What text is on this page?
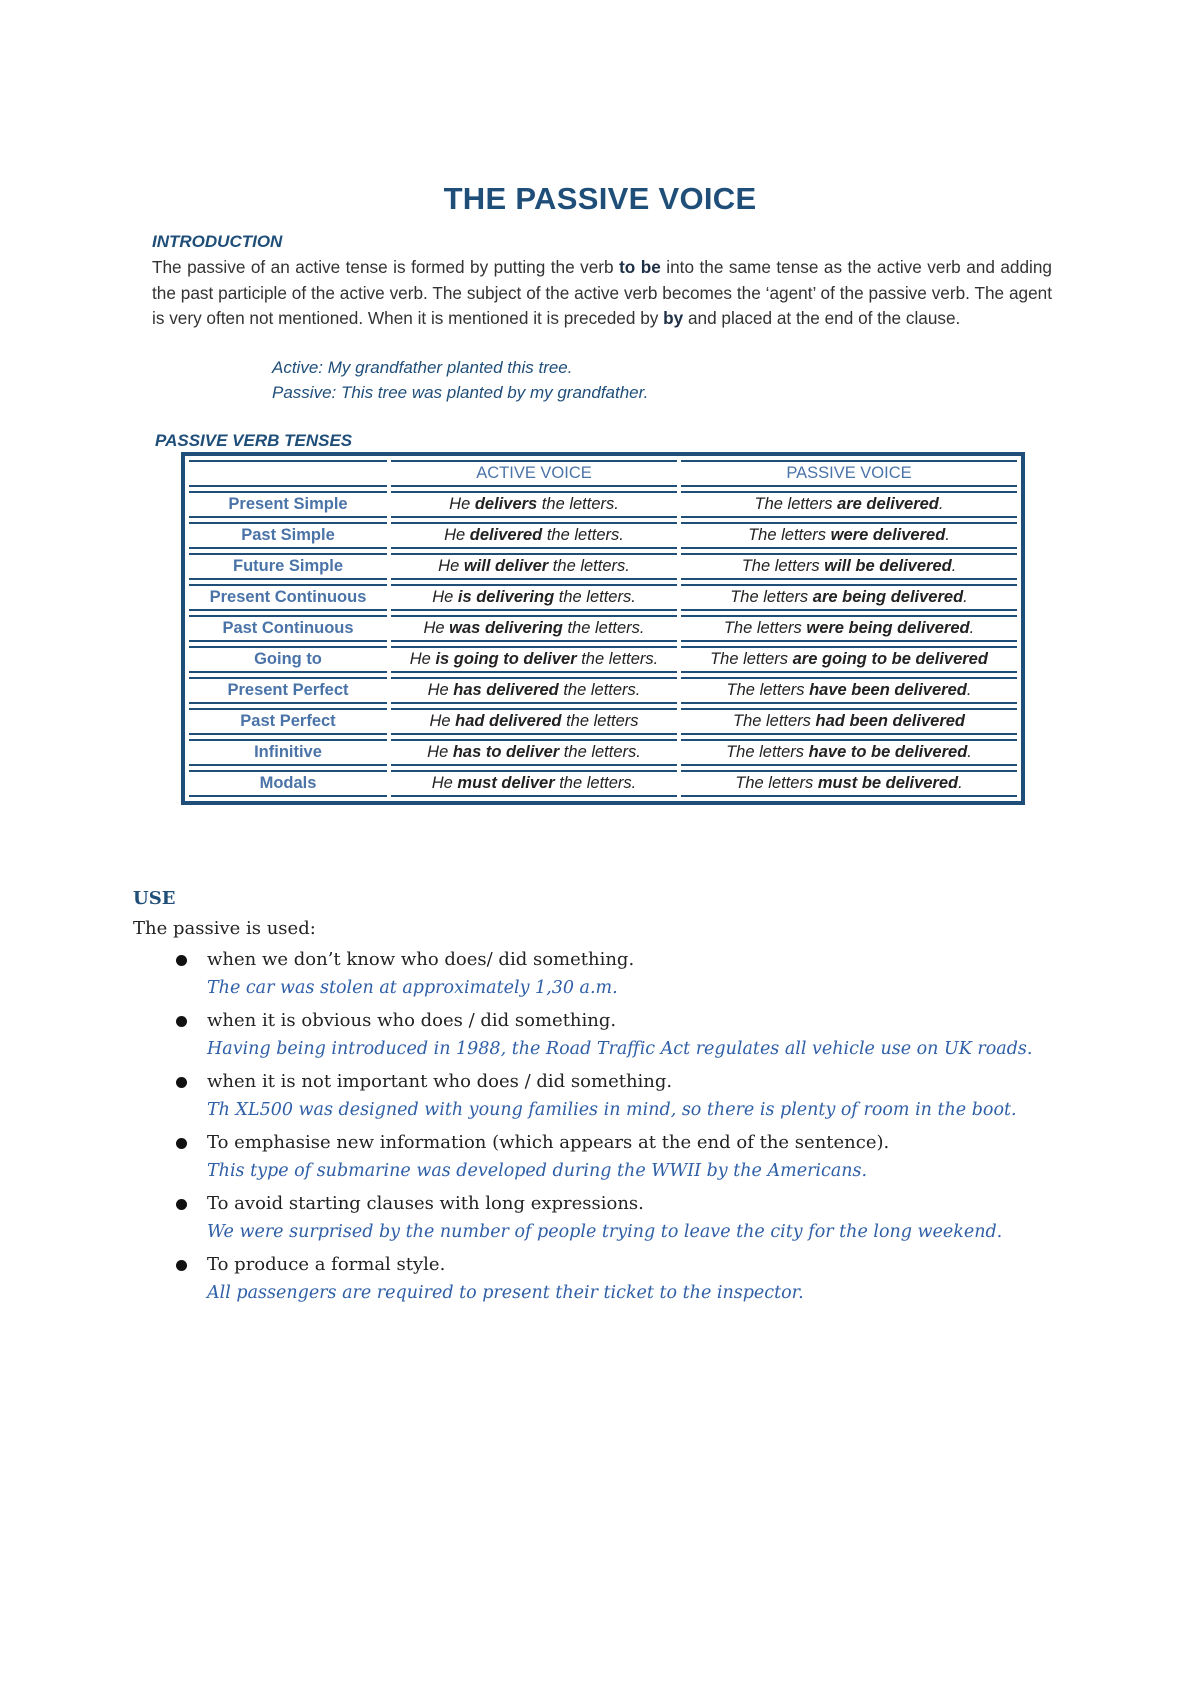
THE PASSIVE VOICE
INTRODUCTION

The passive of an active tense is formed by putting the verb to be into the same tense as the active verb and adding the past participle of the active verb. The subject of the active verb becomes the ‘agent’ of the passive verb. The agent is very often not mentioned. When it is mentioned it is preceded by by and placed at the end of the clause.

Active: My grandfather planted this tree.
Passive: This tree was planted by my grandfather.
PASSIVE VERB TENSES
	ACTIVE VOICE	PASSIVE VOICE
Present Simple	He delivers the letters.	The letters are delivered.
Past Simple	He delivered the letters.	The letters were delivered.
Future Simple	He will deliver the letters.	The letters will be delivered.
Present Continuous	He is delivering the letters.	The letters are being delivered.
Past Continuous	He was delivering the letters.	The letters were being delivered.
Going to	He is going to deliver the letters.	The letters are going to be delivered
Present Perfect	He has delivered the letters.	The letters have been delivered.
Past Perfect	He had delivered the letters	The letters had been delivered
Infinitive	He has to deliver the letters.	The letters have to be delivered.
Modals	He must deliver the letters.	The letters must be delivered.
USE
The passive is used:
when we don’t know who does/ did something.
The car was stolen at approximately 1,30 a.m.
when it is obvious who does / did something.
Having being introduced in 1988, the Road Traffic Act regulates all vehicle use on UK roads.
when it is not important who does / did something.
Th XL500 was designed with young families in mind, so there is plenty of room in the boot.
To emphasise new information (which appears at the end of the sentence).
This type of submarine was developed during the WWII by the Americans.
To avoid starting clauses with long expressions.
We were surprised by the number of people trying to leave the city for the long weekend.
To produce a formal style.
All passengers are required to present their ticket to the inspector.
